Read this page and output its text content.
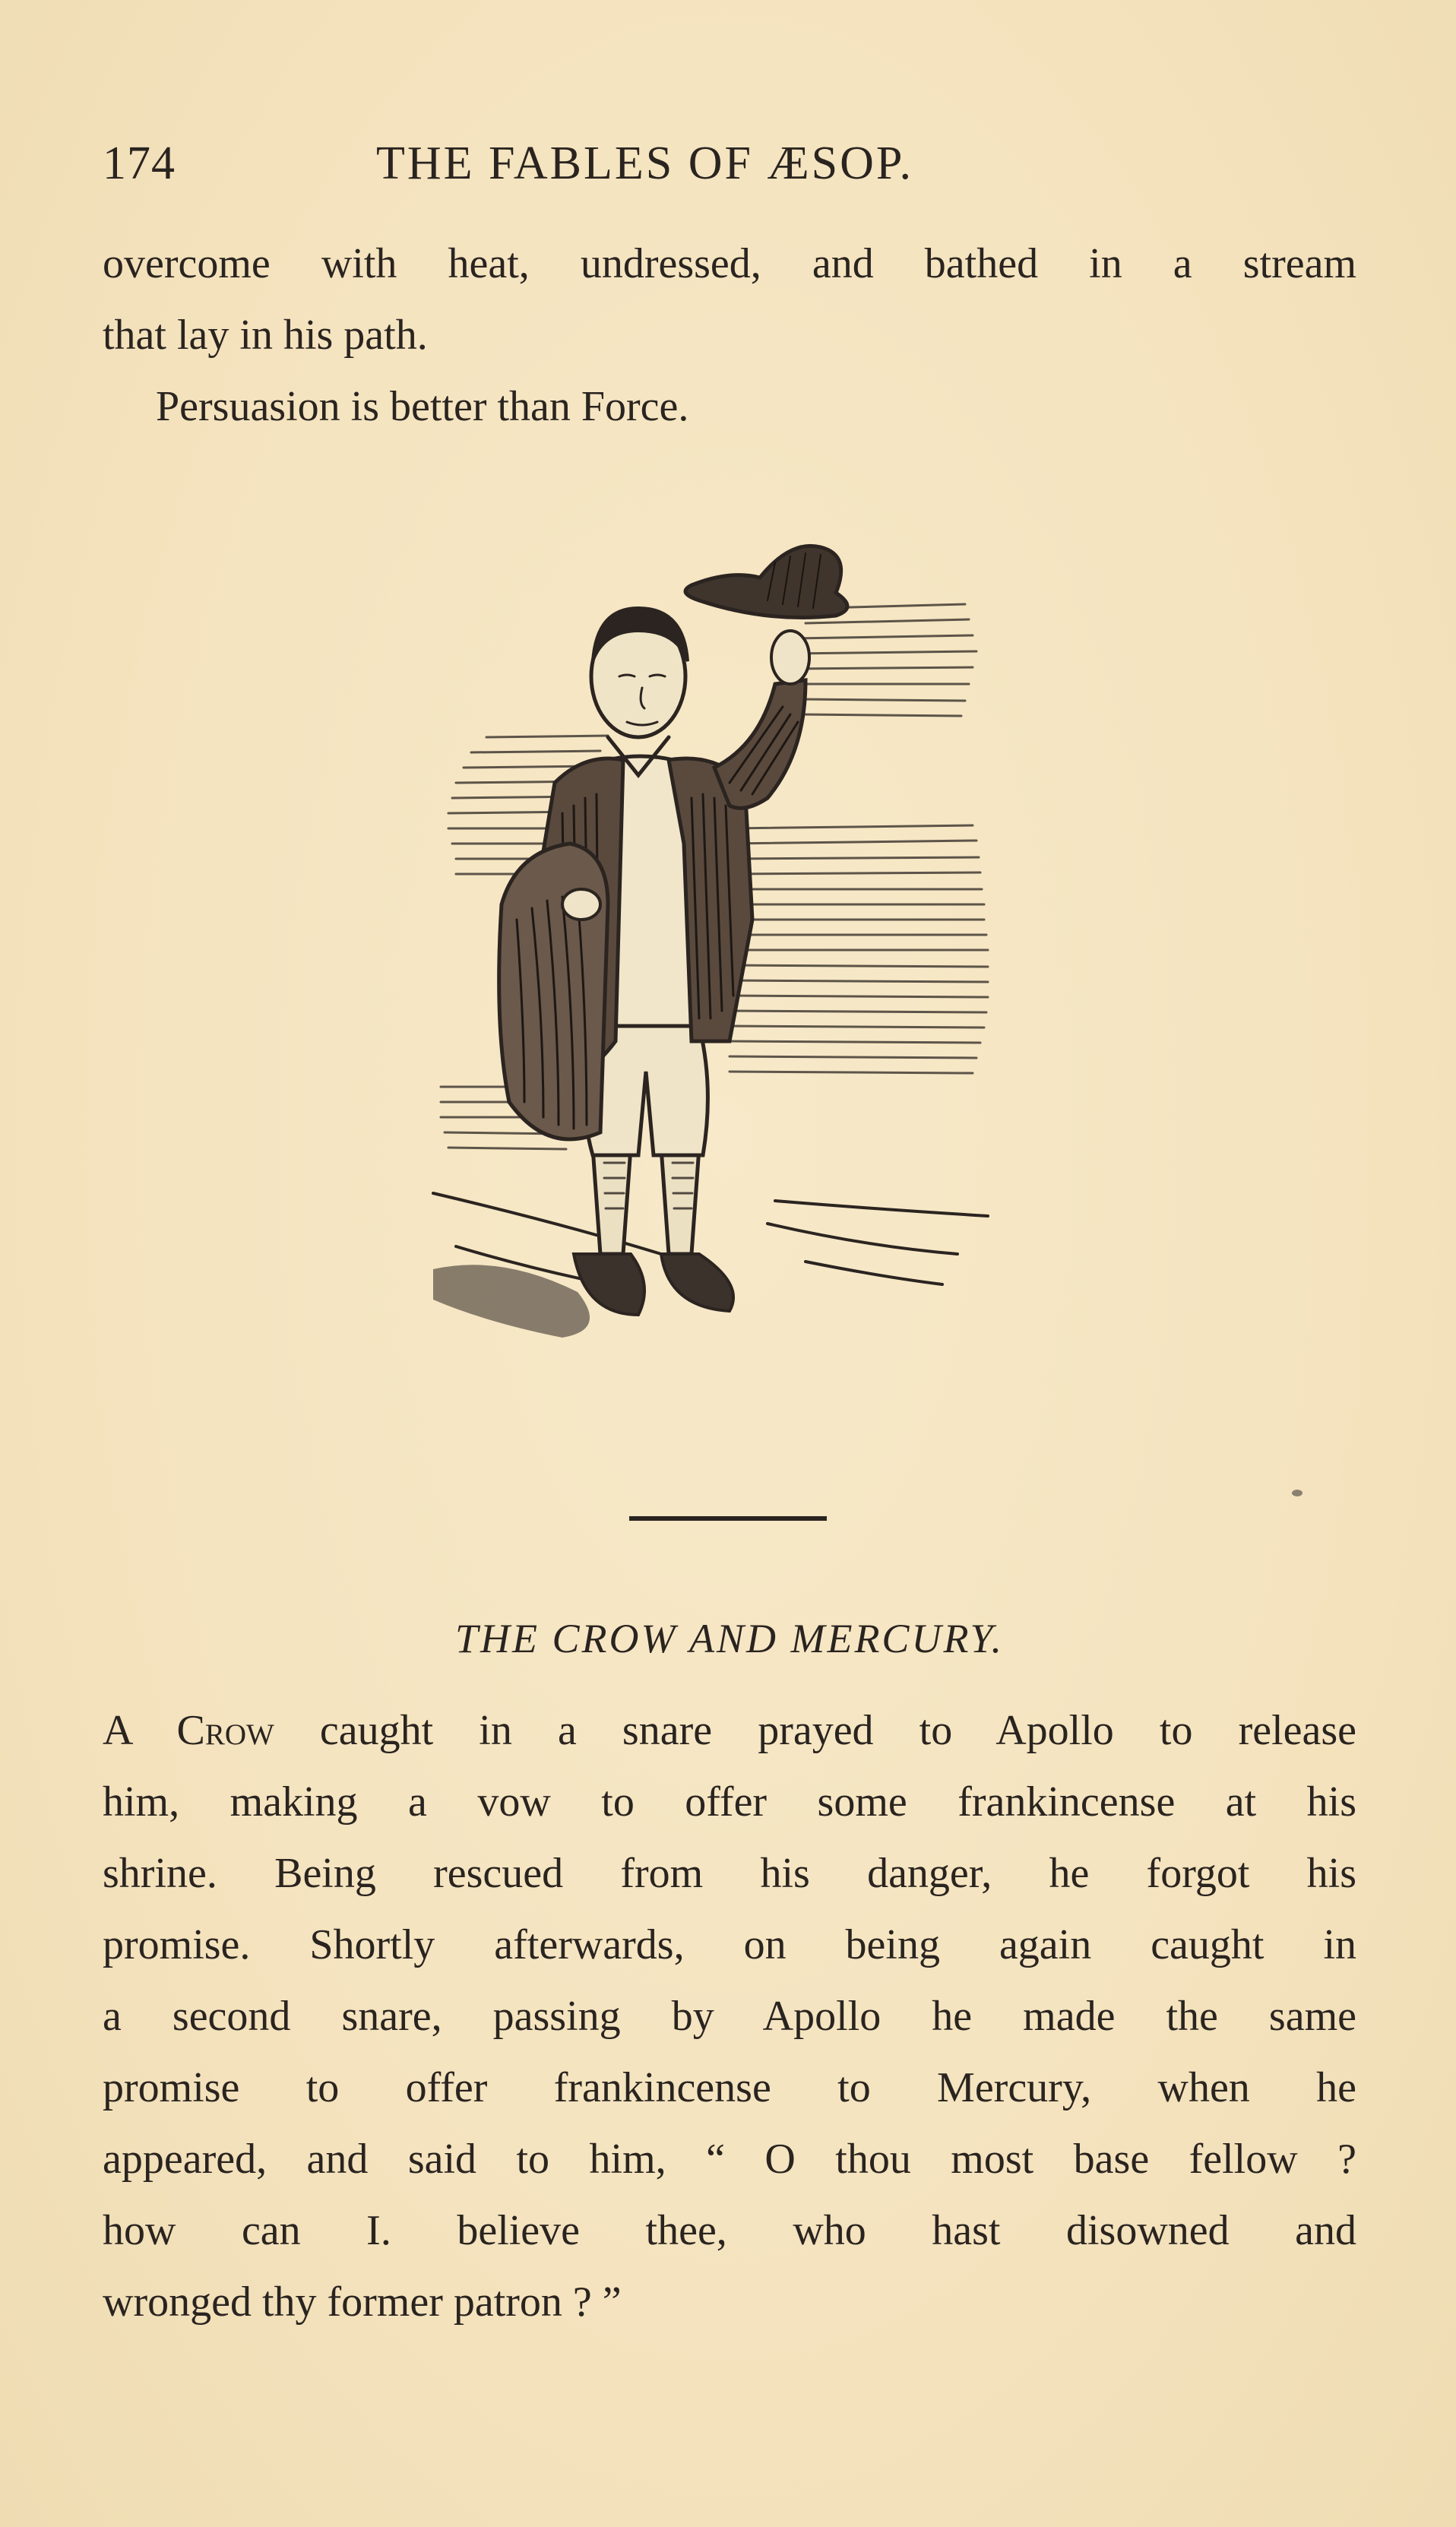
174	THE FABLES OF ÆSOP.
overcome with heat, undressed, and bathed in a stream
that lay in his path.
Persuasion is better than Force.
THE CROW AND MERCURY.
A Crow caught in a snare prayed to Apollo to release
him, making a vow to offer some frankincense at his
shrine. Being rescued from his danger, he forgot his
promise. Shortly afterwards, on being again caught in
a second snare, passing by Apollo he made the same
promise to offer frankincense to Mercury, when he
appeared, and said to him, “ O thou most base fellow ?
how can I. believe thee, who hast disowned and
wronged thy former patron ? ”
